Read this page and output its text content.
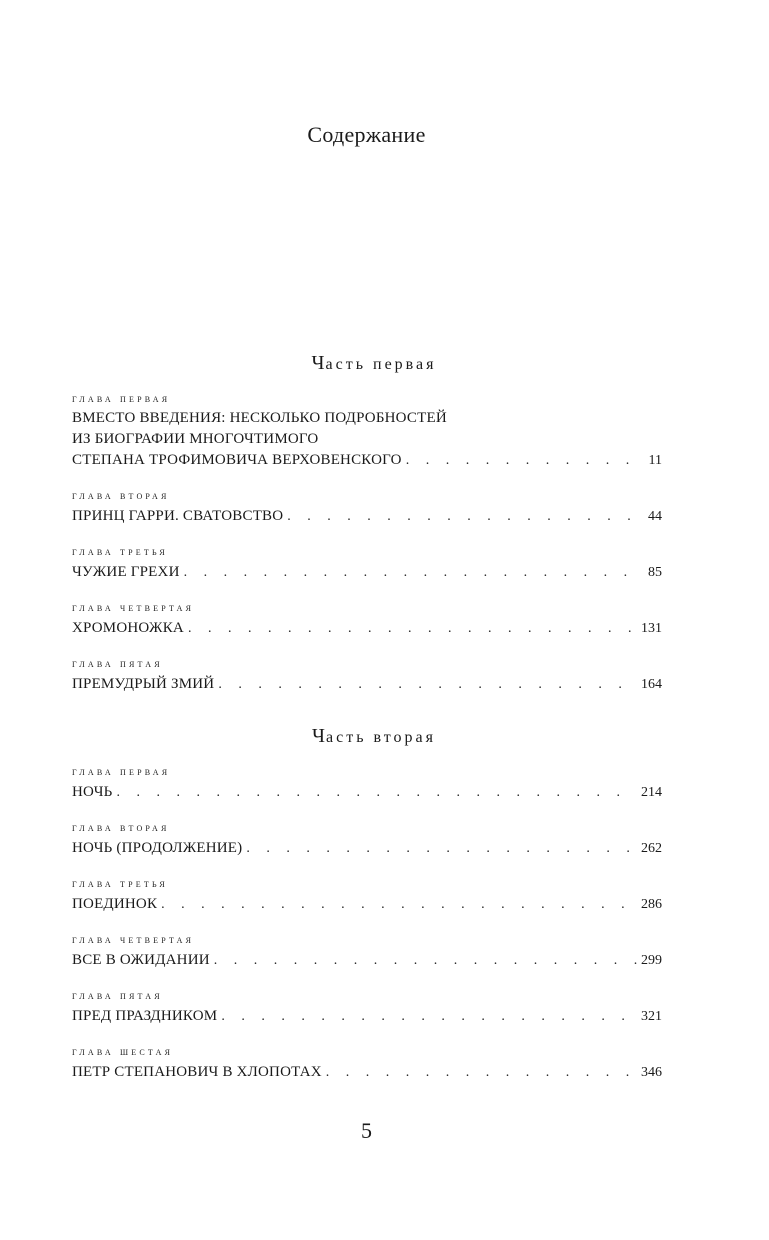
Содержание
Часть первая
глава первая
ВМЕСТО ВВЕДЕНИЯ: НЕСКОЛЬКО ПОДРОБНОСТЕЙ
ИЗ БИОГРАФИИ МНОГОЧТИМОГО
СТЕПАНА ТРОФИМОВИЧА ВЕРХОВЕНСКОГО . . .	11
глава вторая
ПРИНЦ ГАРРИ. СВАТОВСТВО . . .	44
глава третья
ЧУЖИЕ ГРЕХИ . . .	85
глава четвертая
ХРОМОНОЖКА . . .	131
глава пятая
ПРЕМУДРЫЙ ЗМИЙ . . .	164
Часть вторая
глава первая
НОЧЬ . . .	214
глава вторая
НОЧЬ (ПРОДОЛЖЕНИЕ) . . .	262
глава третья
ПОЕДИНОК . . .	286
глава четвертая
ВСЕ В ОЖИДАНИИ . . .	299
глава пятая
ПРЕД ПРАЗДНИКОМ . . .	321
глава шестая
ПЕТР СТЕПАНОВИЧ В ХЛОПОТАХ . . .	346
5
